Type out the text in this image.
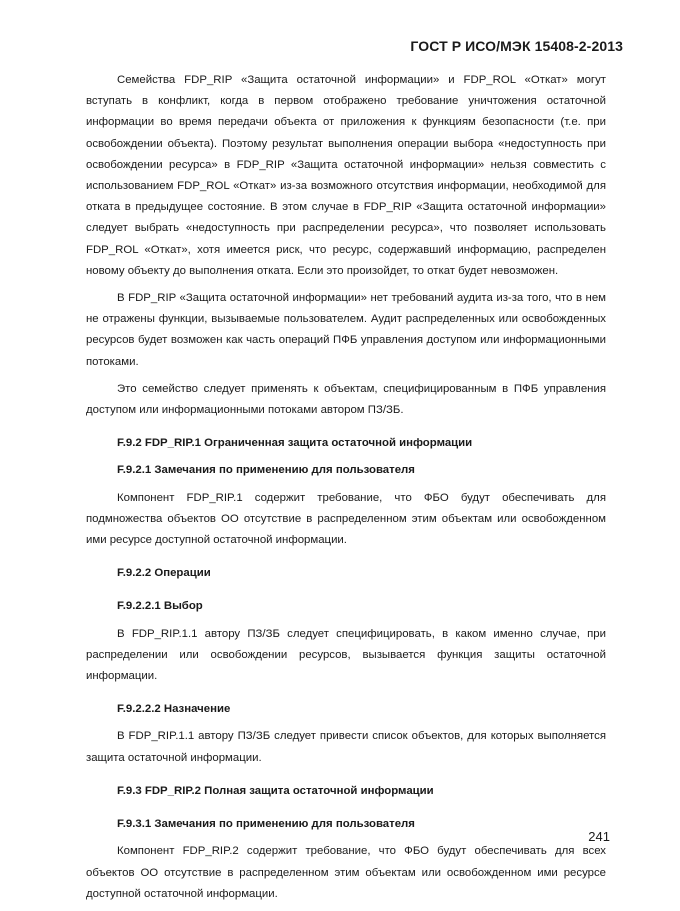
ГОСТ Р ИСО/МЭК 15408-2-2013

Семейства FDP_RIP «Защита остаточной информации» и FDP_ROL «Откат» могут вступать в конфликт, когда в первом отображено требование уничтожения остаточной информации во время передачи объекта от приложения к функциям безопасности (т.е. при освобождении объекта). Поэтому результат выполнения операции выбора «недоступность при освобождении ресурса» в FDP_RIP «Защита остаточной информации» нельзя совместить с использованием FDP_ROL «Откат» из-за возможного отсутствия информации, необходимой для отката в предыдущее состояние. В этом случае в FDP_RIP «Защита остаточной информации» следует выбрать «недоступность при распределении ресурса», что позволяет использовать FDP_ROL «Откат», хотя имеется риск, что ресурс, содержавший информацию, распределен новому объекту до выполнения отката. Если это произойдет, то откат будет невозможен.

В FDP_RIP «Защита остаточной информации» нет требований аудита из-за того, что в нем не отражены функции, вызываемые пользователем. Аудит распределенных или освобожденных ресурсов будет возможен как часть операций ПФБ управления доступом или информационными потоками.

Это семейство следует применять к объектам, специфицированным в ПФБ управления доступом или информационными потоками автором ПЗ/ЗБ.

F.9.2 FDP_RIP.1 Ограниченная защита остаточной информации
F.9.2.1 Замечания по применению для пользователя

Компонент FDP_RIP.1 содержит требование, что ФБО будут обеспечивать для подмножества объектов ОО отсутствие в распределенном этим объектам или освобожденном ими ресурсе доступной остаточной информации.

F.9.2.2 Операции
F.9.2.2.1 Выбор

В FDP_RIP.1.1 автору ПЗ/ЗБ следует специфицировать, в каком именно случае, при распределении или освобождении ресурсов, вызывается функция защиты остаточной информации.

F.9.2.2.2 Назначение

В FDP_RIP.1.1 автору ПЗ/ЗБ следует привести список объектов, для которых выполняется защита остаточной информации.

F.9.3 FDP_RIP.2 Полная защита остаточной информации
F.9.3.1 Замечания по применению для пользователя

Компонент FDP_RIP.2 содержит требование, что ФБО будут обеспечивать для всех объектов ОО отсутствие в распределенном этим объектам или освобожденном ими ресурсе доступной остаточной информации.

241
